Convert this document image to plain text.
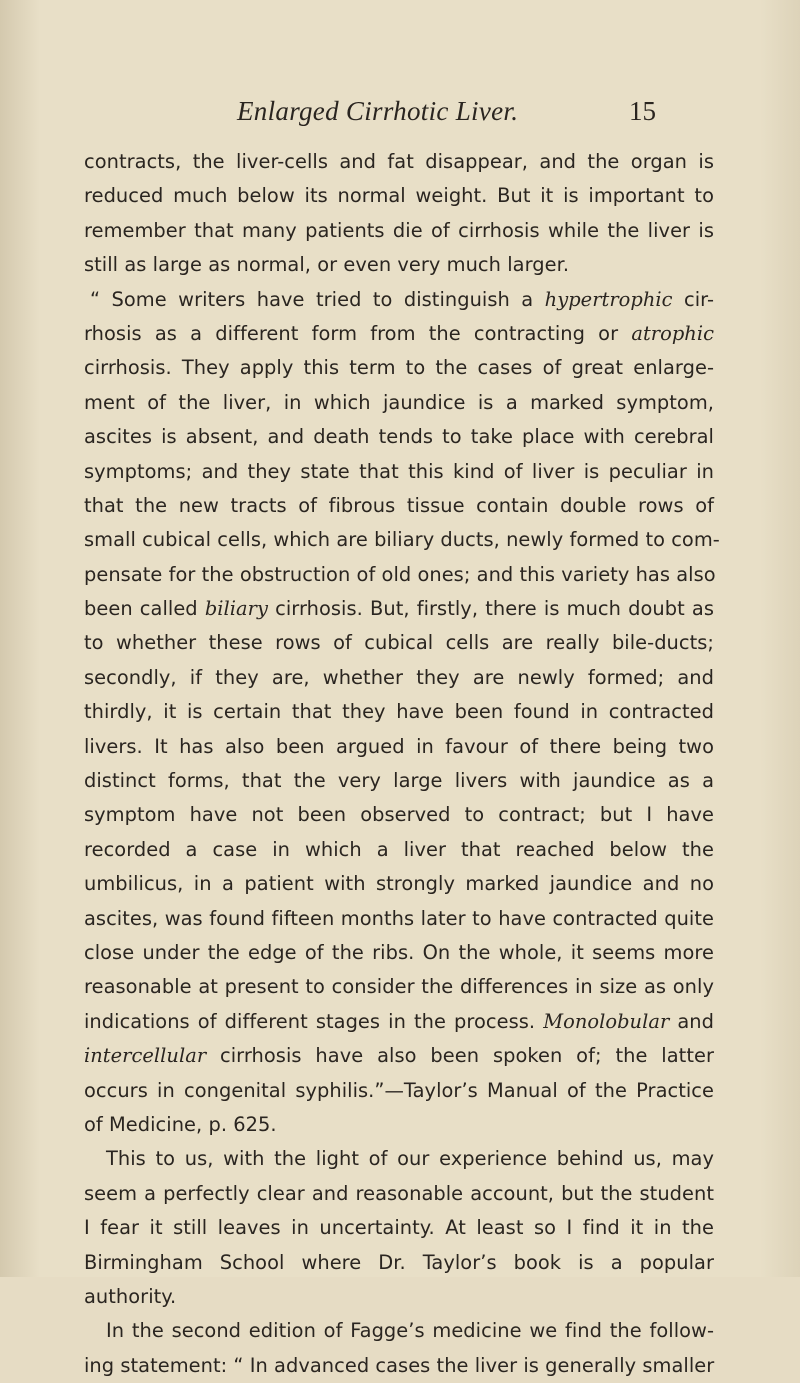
Enlarged Cirrhotic Liver.	15
contracts, the liver-cells and fat disappear, and the organ is
reduced much below its normal weight. But it is important to
remember that many patients die of cirrhosis while the liver is
still as large as normal, or even very much larger.
“ Some writers have tried to distinguish a hypertrophic cir-
rhosis as a different form from the contracting or atrophic
cirrhosis. They apply this term to the cases of great enlarge-
ment of the liver, in which jaundice is a marked symptom,
ascites is absent, and death tends to take place with cerebral
symptoms; and they state that this kind of liver is peculiar in
that the new tracts of fibrous tissue contain double rows of
small cubical cells, which are biliary ducts, newly formed to com-
pensate for the obstruction of old ones; and this variety has also
been called biliary cirrhosis. But, firstly, there is much doubt as
to whether these rows of cubical cells are really bile-ducts;
secondly, if they are, whether they are newly formed; and
thirdly, it is certain that they have been found in contracted
livers. It has also been argued in favour of there being two
distinct forms, that the very large livers with jaundice as a
symptom have not been observed to contract; but I have
recorded a case in which a liver that reached below the
umbilicus, in a patient with strongly marked jaundice and no
ascites, was found fifteen months later to have contracted quite
close under the edge of the ribs. On the whole, it seems more
reasonable at present to consider the differences in size as only
indications of different stages in the process. Monolobular and
intercellular cirrhosis have also been spoken of; the latter
occurs in congenital syphilis.”—Taylor’s Manual of the Practice
of Medicine, p. 625.
This to us, with the light of our experience behind us, may
seem a perfectly clear and reasonable account, but the student
I fear it still leaves in uncertainty. At least so I find it in the
Birmingham School where Dr. Taylor’s book is a popular
authority.
In the second edition of Fagge’s medicine we find the follow-
ing statement: “ In advanced cases the liver is generally smaller
